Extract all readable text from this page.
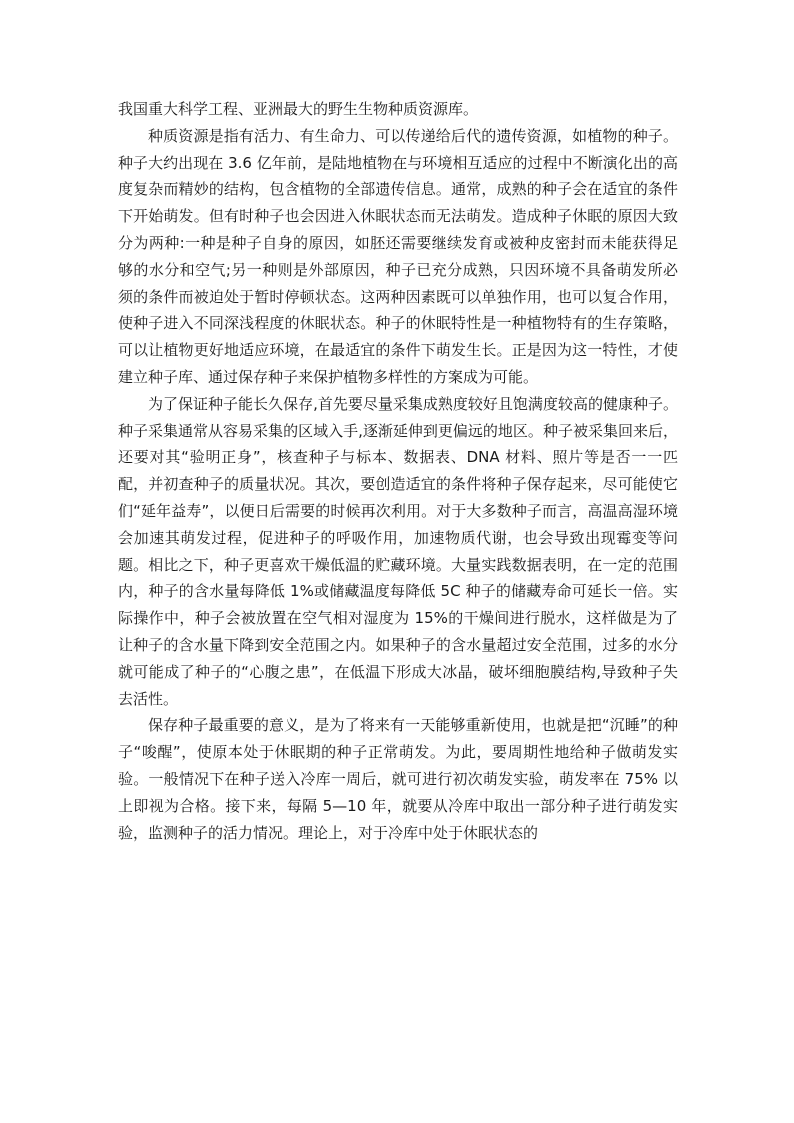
我国重大科学工程、亚洲最大的野生生物种质资源库。

种质资源是指有活力、有生命力、可以传递给后代的遗传资源，如植物的种子。种子大约出现在 3.6 亿年前，是陆地植物在与环境相互适应的过程中不断演化出的高度复杂而精妙的结构，包含植物的全部遗传信息。通常，成熟的种子会在适宜的条件下开始萌发。但有时种子也会因进入休眠状态而无法萌发。造成种子休眠的原因大致分为两种:一种是种子自身的原因，如胚还需要继续发育或被种皮密封而未能获得足够的水分和空气;另一种则是外部原因，种子已充分成熟，只因环境不具备萌发所必须的条件而被迫处于暂时停顿状态。这两种因素既可以单独作用，也可以复合作用，使种子进入不同深浅程度的休眠状态。种子的休眠特性是一种植物特有的生存策略，可以让植物更好地适应环境，在最适宜的条件下萌发生长。正是因为这一特性，才使建立种子库、通过保存种子来保护植物多样性的方案成为可能。

为了保证种子能长久保存,首先要尽量采集成熟度较好且饱满度较高的健康种子。种子采集通常从容易采集的区域入手,逐渐延伸到更偏远的地区。种子被采集回来后，还要对其“验明正身”，核查种子与标本、数据表、DNA 材料、照片等是否一一匹配，并初查种子的质量状况。其次，要创造适宜的条件将种子保存起来，尽可能使它们“延年益寿”，以便日后需要的时候再次利用。对于大多数种子而言，高温高湿环境会加速其萌发过程，促进种子的呼吸作用，加速物质代谢，也会导致出现霉变等问题。相比之下，种子更喜欢干燥低温的贮藏环境。大量实践数据表明，在一定的范围内，种子的含水量每降低 1%或储藏温度每降低 5C 种子的储藏寿命可延长一倍。实际操作中，种子会被放置在空气相对湿度为 15%的干燥间进行脱水，这样做是为了让种子的含水量下降到安全范围之内。如果种子的含水量超过安全范围，过多的水分就可能成了种子的“心腹之患”，在低温下形成大冰晶，破坏细胞膜结构,导致种子失去活性。

保存种子最重要的意义，是为了将来有一天能够重新使用，也就是把“沉睡”的种子“唆醒”，使原本处于休眠期的种子正常萌发。为此，要周期性地给种子做萌发实验。一般情况下在种子送入冷库一周后，就可进行初次萌发实验，萌发率在 75% 以上即视为合格。接下来，每隔 5—10 年，就要从冷库中取出一部分种子进行萌发实验，监测种子的活力情况。理论上，对于冷库中处于休眠状态的
